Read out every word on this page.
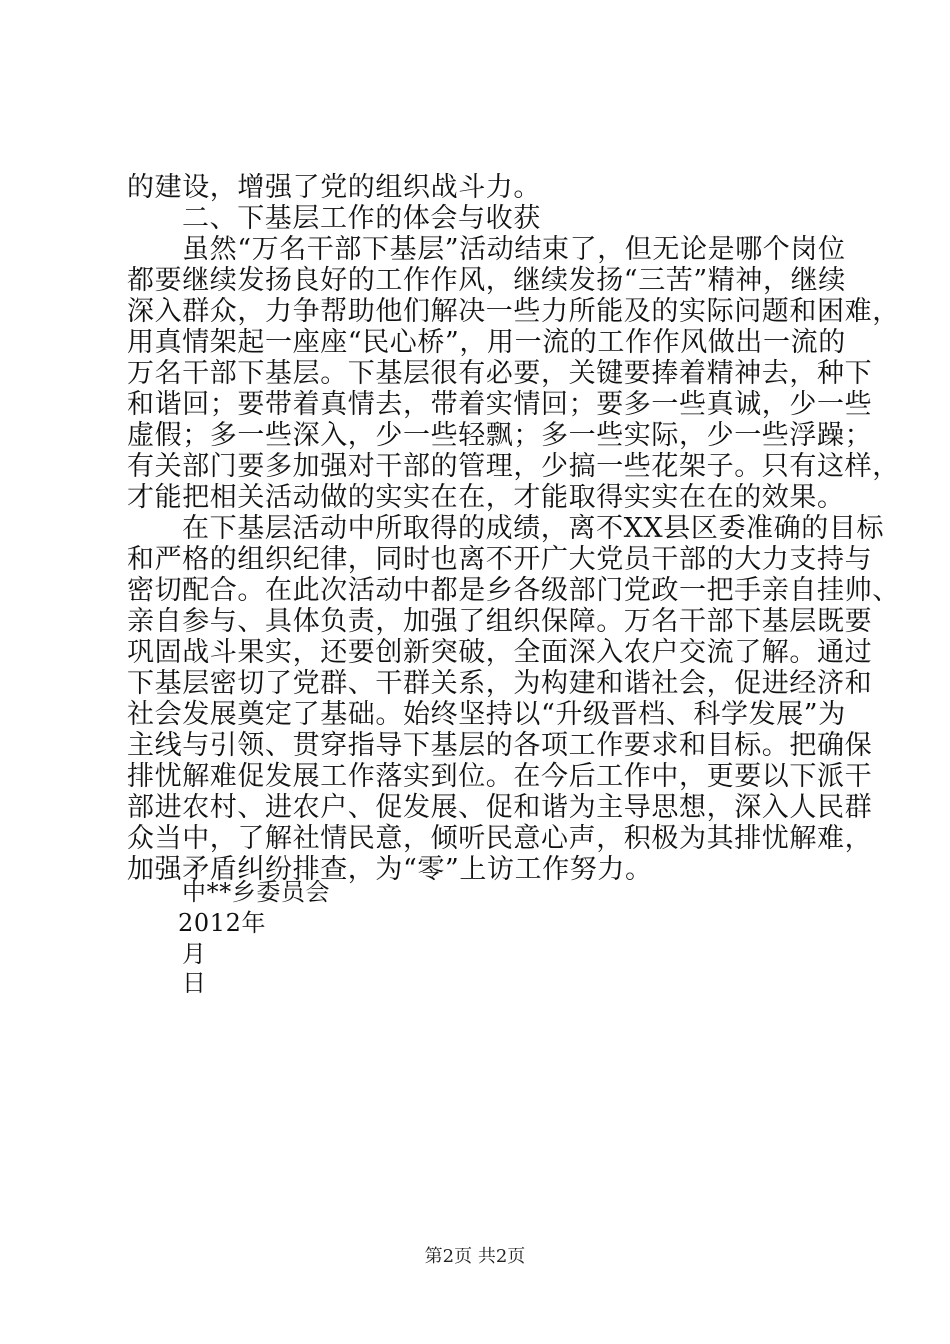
的建设，增强了党的组织战斗力。
二、下基层工作的体会与收获
虽然“万名干部下基层”活动结束了，但无论是哪个岗位
都要继续发扬良好的工作作风，继续发扬“三苦”精神，继续
深入群众，力争帮助他们解决一些力所能及的实际问题和困难，
用真情架起一座座“民心桥”，用一流的工作作风做出一流的
万名干部下基层。下基层很有必要，关键要捧着精神去，种下
和谐回；要带着真情去，带着实情回；要多一些真诚，少一些
虚假；多一些深入，少一些轻飘；多一些实际，少一些浮躁；
有关部门要多加强对干部的管理，少搞一些花架子。只有这样，
才能把相关活动做的实实在在，才能取得实实在在的效果。
在下基层活动中所取得的成绩，离不XX县区委准确的目标
和严格的组织纪律，同时也离不开广大党员干部的大力支持与
密切配合。在此次活动中都是乡各级部门党政一把手亲自挂帅、
亲自参与、具体负责，加强了组织保障。万名干部下基层既要
巩固战斗果实，还要创新突破，全面深入农户交流了解。通过
下基层密切了党群、干群关系，为构建和谐社会，促进经济和
社会发展奠定了基础。始终坚持以“升级晋档、科学发展”为
主线与引领、贯穿指导下基层的各项工作要求和目标。把确保
排忧解难促发展工作落实到位。在今后工作中，更要以下派干
部进农村、进农户、促发展、促和谐为主导思想，深入人民群
众当中，了解社情民意，倾听民意心声，积极为其排忧解难，
加强矛盾纠纷排查，为“零”上访工作努力。
中**乡委员会
2012年
月
日
第2页 共2页
